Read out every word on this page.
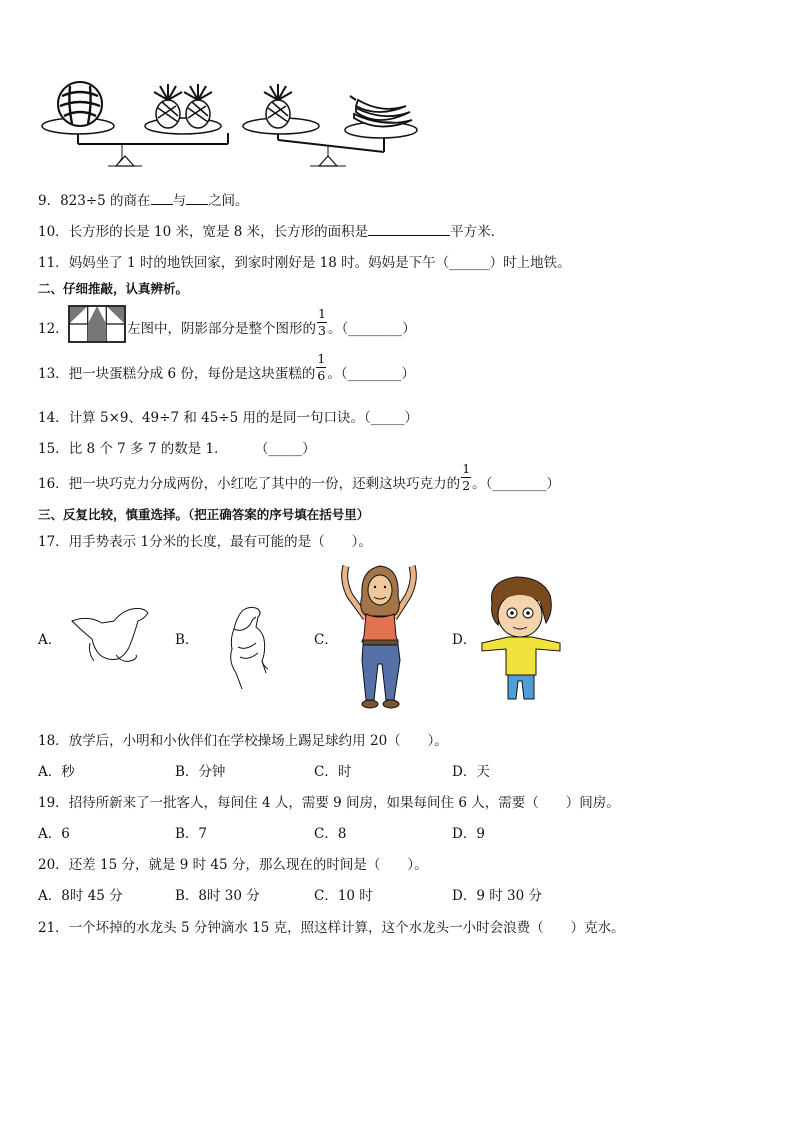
9．823÷5 的商在 与 之间。
10．长方形的长是 10 米，宽是 8 米，长方形的面积是	平方米．
11．妈妈坐了 1 时的地铁回家，到家时刚好是 18 时。妈妈是下午（______）时上地铁。
二、仔细推敲，认真辨析。
12．	左图中，阴影部分是整个图形的 $\frac{1}{3}$ 。（________）
13．把一块蛋糕分成 6 份，每份是这块蛋糕的 $\frac{1}{6}$ 。（________）
14．计算 5×9、49÷7 和 45÷5 用的是同一句口诀。（_____）
15．比 8 个 7 多 7 的数是 1．	（_____）
16．把一块巧克力分成两份，小红吃了其中的一份，还剩这块巧克力的 $\frac{1}{2}$ 。（________）
三、反复比较，慎重选择。（把正确答案的序号填在括号里）
17．用手势表示 1分米的长度，最有可能的是（　　）。
A．	B．	C．	D．
18．放学后，小明和小伙伴们在学校操场上踢足球约用 20（　　）。
A．秒	B．分钟	C．时	D．天
19．招待所新来了一批客人，每间住 4 人，需要 9 间房，如果每间住 6 人，需要（　　）间房。
A．6	B．7	C．8	D．9
20．还差 15 分，就是 9 时 45 分，那么现在的时间是（　　）。
A．8时 45 分	B．8时 30 分	C．10 时	D．9 时 30 分
21．一个坏掉的水龙头 5 分钟滴水 15 克，照这样计算，这个水龙头一小时会浪费（　　）克水。
